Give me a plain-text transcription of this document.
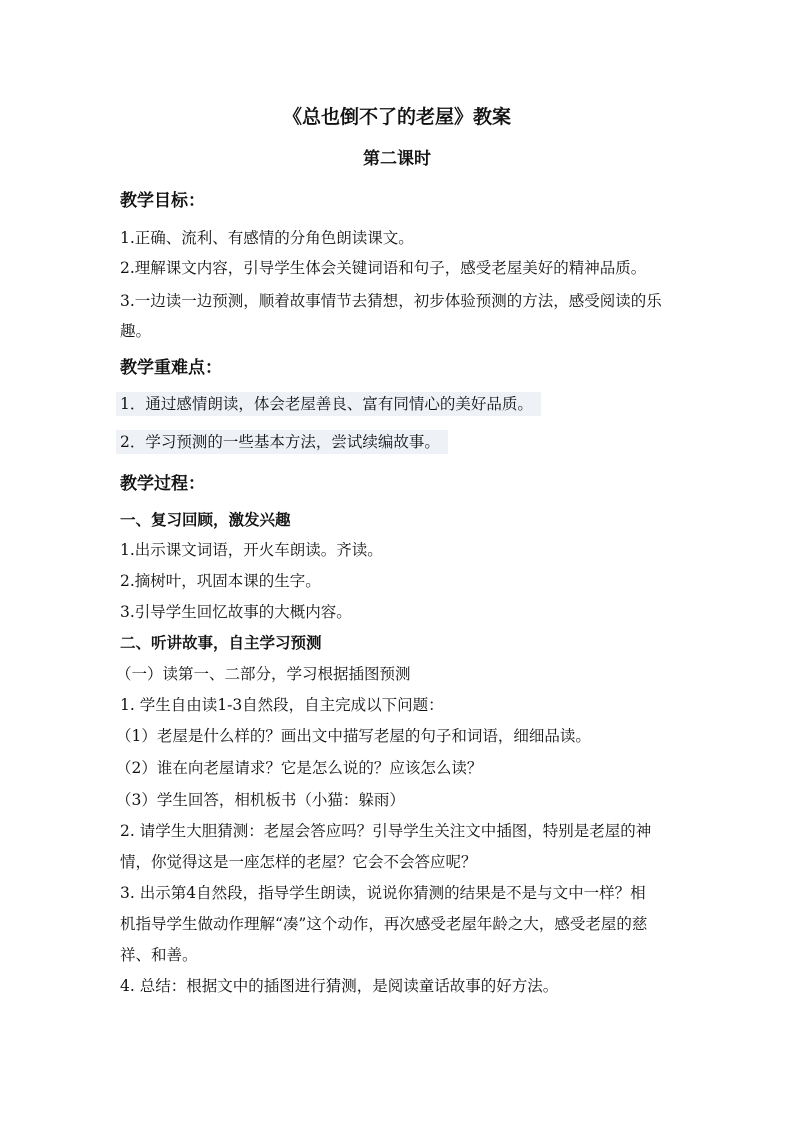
《总也倒不了的老屋》教案
第二课时
教学目标：
1.正确、流利、有感情的分角色朗读课文。
2.理解课文内容，引导学生体会关键词语和句子，感受老屋美好的精神品质。
3.一边读一边预测，顺着故事情节去猜想，初步体验预测的方法，感受阅读的乐
趣。
教学重难点：
1．通过感情朗读，体会老屋善良、富有同情心的美好品质。
2．学习预测的一些基本方法，尝试续编故事。
教学过程：
一、复习回顾，激发兴趣
1.出示课文词语，开火车朗读。齐读。
2.摘树叶，巩固本课的生字。
3.引导学生回忆故事的大概内容。
二、听讲故事，自主学习预测
（一）读第一、二部分，学习根据插图预测
1. 学生自由读1-3自然段，自主完成以下问题：
（1）老屋是什么样的？画出文中描写老屋的句子和词语，细细品读。
（2）谁在向老屋请求？它是怎么说的？应该怎么读？
（3）学生回答，相机板书（小猫：躲雨）
2. 请学生大胆猜测：老屋会答应吗？引导学生关注文中插图，特别是老屋的神
情，你觉得这是一座怎样的老屋？它会不会答应呢？
3. 出示第4自然段，指导学生朗读，说说你猜测的结果是不是与文中一样？相
机指导学生做动作理解“凑”这个动作，再次感受老屋年龄之大，感受老屋的慈
祥、和善。
4. 总结：根据文中的插图进行猜测，是阅读童话故事的好方法。
